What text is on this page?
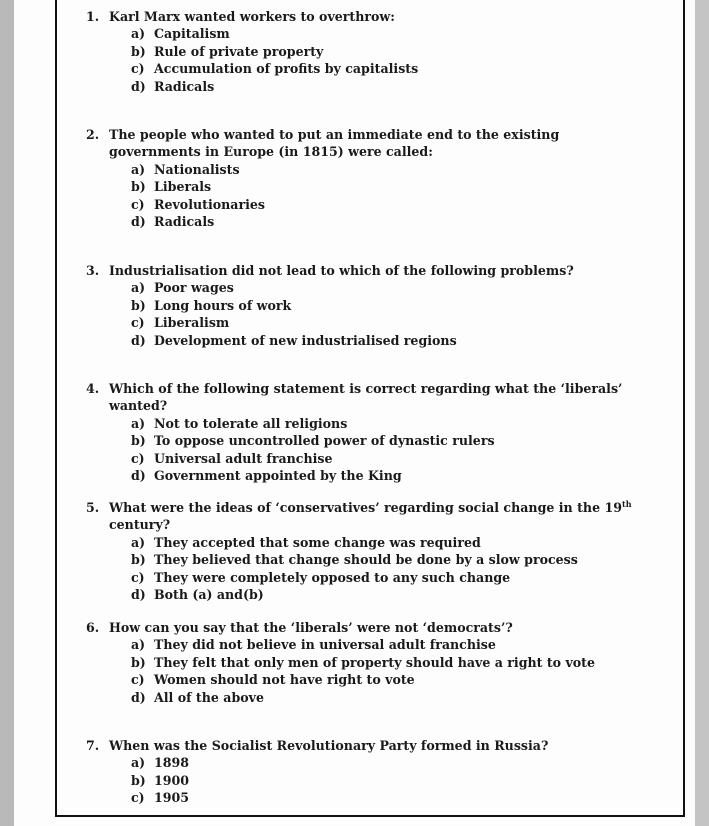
1. Karl Marx wanted workers to overthrow:
a) Capitalism
b) Rule of private property
c) Accumulation of profits by capitalists
d) Radicals
2. The people who wanted to put an immediate end to the existing governments in Europe (in 1815) were called:
a) Nationalists
b) Liberals
c) Revolutionaries
d) Radicals
3. Industrialisation did not lead to which of the following problems?
a) Poor wages
b) Long hours of work
c) Liberalism
d) Development of new industrialised regions
4. Which of the following statement is correct regarding what the ‘liberals’ wanted?
a) Not to tolerate all religions
b) To oppose uncontrolled power of dynastic rulers
c) Universal adult franchise
d) Government appointed by the King
5. What were the ideas of ‘conservatives’ regarding social change in the 19th century?
a) They accepted that some change was required
b) They believed that change should be done by a slow process
c) They were completely opposed to any such change
d) Both (a) and(b)
6. How can you say that the ‘liberals’ were not ‘democrats’?
a) They did not believe in universal adult franchise
b) They felt that only men of property should have a right to vote
c) Women should not have right to vote
d) All of the above
7. When was the Socialist Revolutionary Party formed in Russia?
a) 1898
b) 1900
c) 1905
